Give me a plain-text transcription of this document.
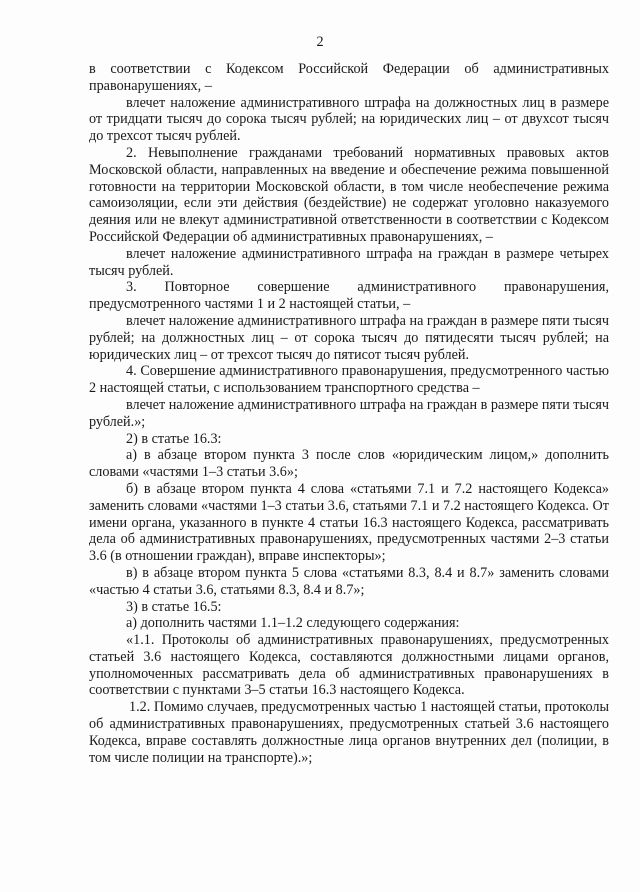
2

в соответствии с Кодексом Российской Федерации об административных правонарушениях, –

влечет наложение административного штрафа на должностных лиц в размере от тридцати тысяч до сорока тысяч рублей; на юридических лиц – от двухсот тысяч до трехсот тысяч рублей.

2. Невыполнение гражданами требований нормативных правовых актов Московской области, направленных на введение и обеспечение режима повышенной готовности на территории Московской области, в том числе необеспечение режима самоизоляции, если эти действия (бездействие) не содержат уголовно наказуемого деяния или не влекут административной ответственности в соответствии с Кодексом Российской Федерации об административных правонарушениях, –

влечет наложение административного штрафа на граждан в размере четырех тысяч рублей.

3. Повторное совершение административного правонарушения, предусмотренного частями 1 и 2 настоящей статьи, –

влечет наложение административного штрафа на граждан в размере пяти тысяч рублей; на должностных лиц – от сорока тысяч до пятидесяти тысяч рублей; на юридических лиц – от трехсот тысяч до пятисот тысяч рублей.

4. Совершение административного правонарушения, предусмотренного частью 2 настоящей статьи, с использованием транспортного средства –

влечет наложение административного штрафа на граждан в размере пяти тысяч рублей.»;

2) в статье 16.3:

а) в абзаце втором пункта 3 после слов «юридическим лицом,» дополнить словами «частями 1–3 статьи 3.6»;

б) в абзаце втором пункта 4 слова «статьями 7.1 и 7.2 настоящего Кодекса» заменить словами «частями 1–3 статьи 3.6, статьями 7.1 и 7.2 настоящего Кодекса. От имени органа, указанного в пункте 4 статьи 16.3 настоящего Кодекса, рассматривать дела об административных правонарушениях, предусмотренных частями 2–3 статьи 3.6 (в отношении граждан), вправе инспекторы»;

в) в абзаце втором пункта 5 слова «статьями 8.3, 8.4 и 8.7» заменить словами «частью 4 статьи 3.6, статьями 8.3, 8.4 и 8.7»;

3) в статье 16.5:

а) дополнить частями 1.1–1.2 следующего содержания:

«1.1. Протоколы об административных правонарушениях, предусмотренных статьей 3.6 настоящего Кодекса, составляются должностными лицами органов, уполномоченных рассматривать дела об административных правонарушениях в соответствии с пунктами 3–5 статьи 16.3 настоящего Кодекса.

1.2. Помимо случаев, предусмотренных частью 1 настоящей статьи, протоколы об административных правонарушениях, предусмотренных статьей 3.6 настоящего Кодекса, вправе составлять должностные лица органов внутренних дел (полиции, в том числе полиции на транспорте).»;
